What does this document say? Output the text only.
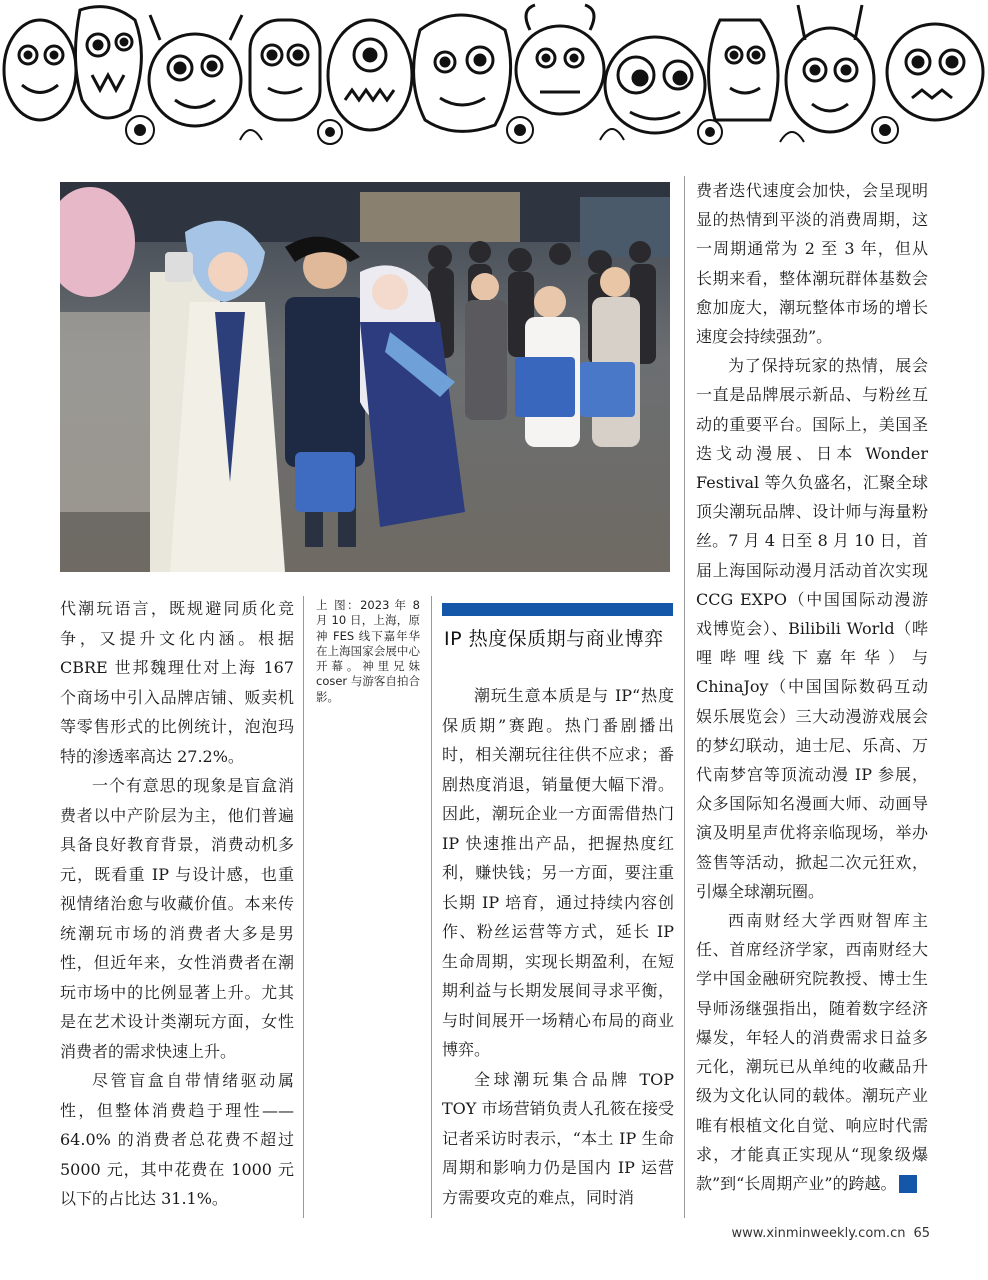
代潮玩语言，既规避同质化竞争，又提升文化内涵。根据 CBRE 世邦魏理仕对上海 167 个商场中引入品牌店铺、贩卖机等零售形式的比例统计，泡泡玛特的渗透率高达 27.2%。

一个有意思的现象是盲盒消费者以中产阶层为主，他们普遍具备良好教育背景，消费动机多元，既看重 IP 与设计感，也重视情绪治愈与收藏价值。本来传统潮玩市场的消费者大多是男性，但近年来，女性消费者在潮玩市场中的比例显著上升。尤其是在艺术设计类潮玩方面，女性消费者的需求快速上升。

尽管盲盒自带情绪驱动属性，但整体消费趋于理性——64.0% 的消费者总花费不超过 5000 元，其中花费在 1000 元以下的占比达 31.1%。

上 图：2023 年 8 月 10 日，上海，原神 FES 线下嘉年华在上海国家会展中心开幕。神里兄妹 coser 与游客自拍合影。
IP 热度保质期与商业博弈

潮玩生意本质是与 IP“热度保质期”赛跑。热门番剧播出时，相关潮玩往往供不应求；番剧热度消退，销量便大幅下滑。因此，潮玩企业一方面需借热门 IP 快速推出产品，把握热度红利，赚快钱；另一方面，要注重长期 IP 培育，通过持续内容创作、粉丝运营等方式，延长 IP 生命周期，实现长期盈利，在短期利益与长期发展间寻求平衡，与时间展开一场精心布局的商业博弈。

全球潮玩集合品牌 TOP TOY 市场营销负责人孔筱在接受记者采访时表示，“本土 IP 生命周期和影响力仍是国内 IP 运营方需要攻克的难点，同时消

费者迭代速度会加快，会呈现明显的热情到平淡的消费周期，这一周期通常为 2 至 3 年，但从长期来看，整体潮玩群体基数会愈加庞大，潮玩整体市场的增长速度会持续强劲”。

为了保持玩家的热情，展会一直是品牌展示新品、与粉丝互动的重要平台。国际上，美国圣迭戈动漫展、日本 Wonder Festival 等久负盛名，汇聚全球顶尖潮玩品牌、设计师与海量粉丝。7 月 4 日至 8 月 10 日，首届上海国际动漫月活动首次实现 CCG EXPO（中国国际动漫游戏博览会）、Bilibili World（哔哩哔哩线下嘉年华）与 ChinaJoy（中国国际数码互动娱乐展览会）三大动漫游戏展会的梦幻联动，迪士尼、乐高、万代南梦宫等顶流动漫 IP 参展，众多国际知名漫画大师、动画导演及明星声优将亲临现场，举办签售等活动，掀起二次元狂欢，引爆全球潮玩圈。

西南财经大学西财智库主任、首席经济学家，西南财经大学中国金融研究院教授、博士生导师汤继强指出，随着数字经济爆发，年轻人的消费需求日益多元化，潮玩已从单纯的收藏品升级为文化认同的载体。潮玩产业唯有根植文化自觉、响应时代需求，才能真正实现从“现象级爆款”到“长周期产业”的跨越。	民

www.xinminweekly.com.cn 65
